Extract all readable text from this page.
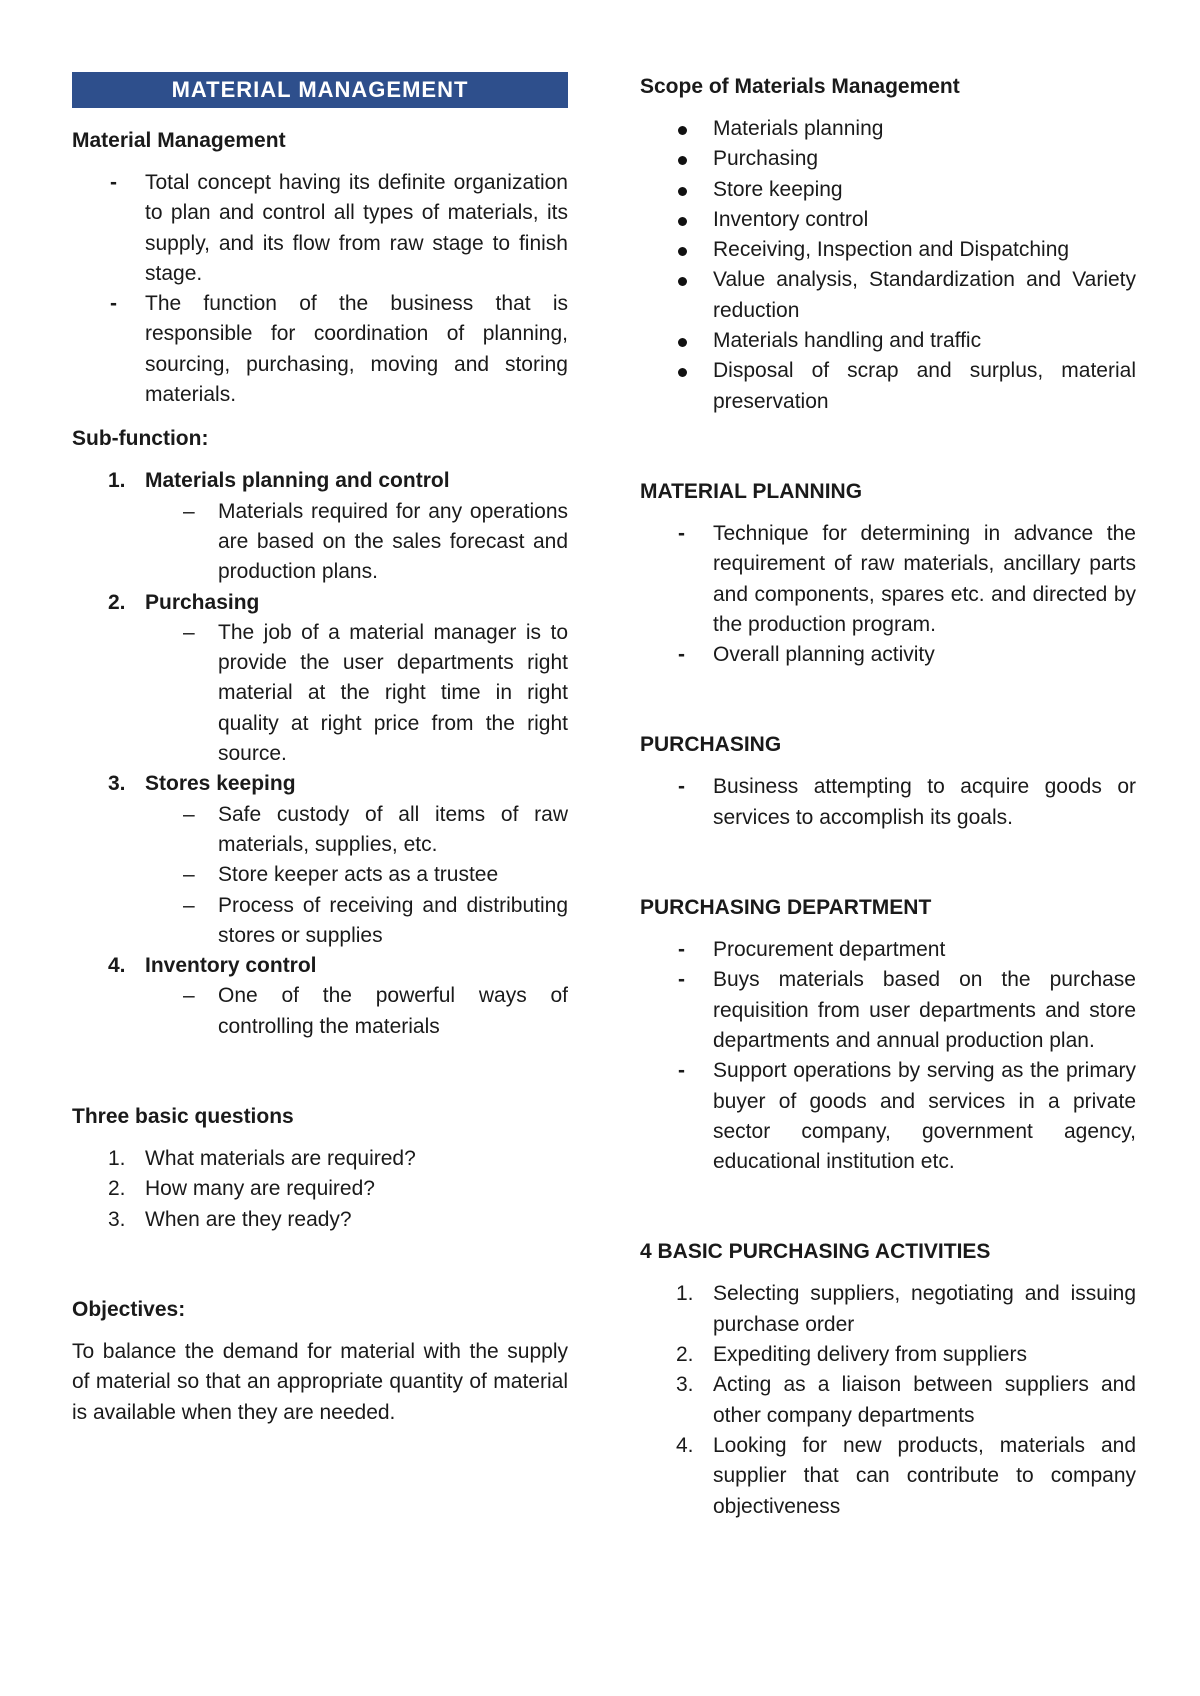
MATERIAL MANAGEMENT
Material Management
- Total concept having its definite organization to plan and control all types of materials, its supply, and its flow from raw stage to finish stage.
- The function of the business that is responsible for coordination of planning, sourcing, purchasing, moving and storing materials.
Sub-function:
1. Materials planning and control
– Materials required for any operations are based on the sales forecast and production plans.
2. Purchasing
– The job of a material manager is to provide the user departments right material at the right time in right quality at right price from the right source.
3. Stores keeping
– Safe custody of all items of raw materials, supplies, etc.
– Store keeper acts as a trustee
– Process of receiving and distributing stores or supplies
4. Inventory control
– One of the powerful ways of controlling the materials
Three basic questions
1. What materials are required?
2. How many are required?
3. When are they ready?
Objectives:

To balance the demand for material with the supply of material so that an appropriate quantity of material is available when they are needed.

Scope of Materials Management
Materials planning
Purchasing
Store keeping
Inventory control
Receiving, Inspection and Dispatching
Value analysis, Standardization and Variety reduction
Materials handling and traffic
Disposal of scrap and surplus, material preservation
MATERIAL PLANNING
- Technique for determining in advance the requirement of raw materials, ancillary parts and components, spares etc. and directed by the production program.
- Overall planning activity
PURCHASING
- Business attempting to acquire goods or services to accomplish its goals.
PURCHASING DEPARTMENT
- Procurement department
- Buys materials based on the purchase requisition from user departments and store departments and annual production plan.
- Support operations by serving as the primary buyer of goods and services in a private sector company, government agency, educational institution etc.
4 BASIC PURCHASING ACTIVITIES
1. Selecting suppliers, negotiating and issuing purchase order
2. Expediting delivery from suppliers
3. Acting as a liaison between suppliers and other company departments
4. Looking for new products, materials and supplier that can contribute to company objectiveness
